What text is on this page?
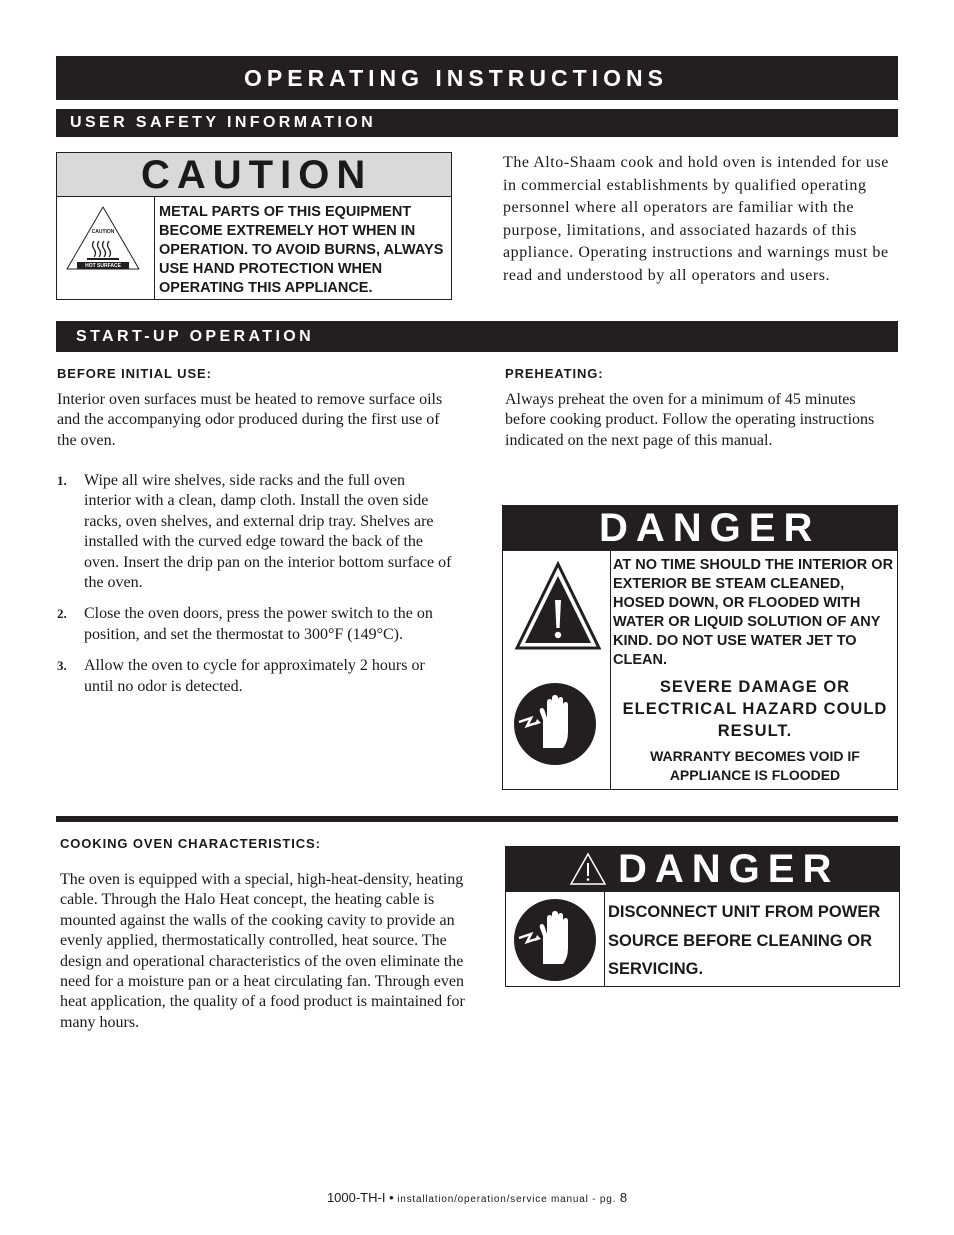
OPERATING INSTRUCTIONS
USER SAFETY INFORMATION
CAUTION
CAUTION
HOT SURFACE
METAL PARTS OF THIS EQUIPMENT BECOME EXTREMELY HOT WHEN IN OPERATION. TO AVOID BURNS, ALWAYS USE HAND PROTECTION WHEN OPERATING THIS APPLIANCE.
The Alto-Shaam cook and hold oven is intended for use in commercial establishments by qualified operating personnel where all operators are familiar with the purpose, limitations, and associated hazards of this appliance. Operating instructions and warnings must be read and understood by all operators and users.
START-UP OPERATION
BEFORE INITIAL USE:
Interior oven surfaces must be heated to remove surface oils and the accompanying odor produced during the first use of the oven.
1. Wipe all wire shelves, side racks and the full oven interior with a clean, damp cloth. Install the oven side racks, oven shelves, and external drip tray. Shelves are installed with the curved edge toward the back of the oven. Insert the drip pan on the interior bottom surface of the oven.
2. Close the oven doors, press the power switch to the on position, and set the thermostat to 300°F (149°C).
3. Allow the oven to cycle for approximately 2 hours or until no odor is detected.
PREHEATING:
Always preheat the oven for a minimum of 45 minutes before cooking product. Follow the operating instructions indicated on the next page of this manual.
DANGER
AT NO TIME SHOULD THE INTERIOR OR EXTERIOR BE STEAM CLEANED, HOSED DOWN, OR FLOODED WITH WATER OR LIQUID SOLUTION OF ANY KIND. DO NOT USE WATER JET TO CLEAN.
SEVERE DAMAGE OR ELECTRICAL HAZARD COULD RESULT.
WARRANTY BECOMES VOID IF APPLIANCE IS FLOODED
COOKING OVEN CHARACTERISTICS:
The oven is equipped with a special, high-heat-density, heating cable. Through the Halo Heat concept, the heating cable is mounted against the walls of the cooking cavity to provide an evenly applied, thermostatically controlled, heat source. The design and operational characteristics of the oven eliminate the need for a moisture pan or a heat circulating fan. Through even heat application, the quality of a food product is maintained for many hours.
DANGER
DISCONNECT UNIT FROM POWER SOURCE BEFORE CLEANING OR SERVICING.
1000-TH-I • installation/operation/service manual - pg. 8
